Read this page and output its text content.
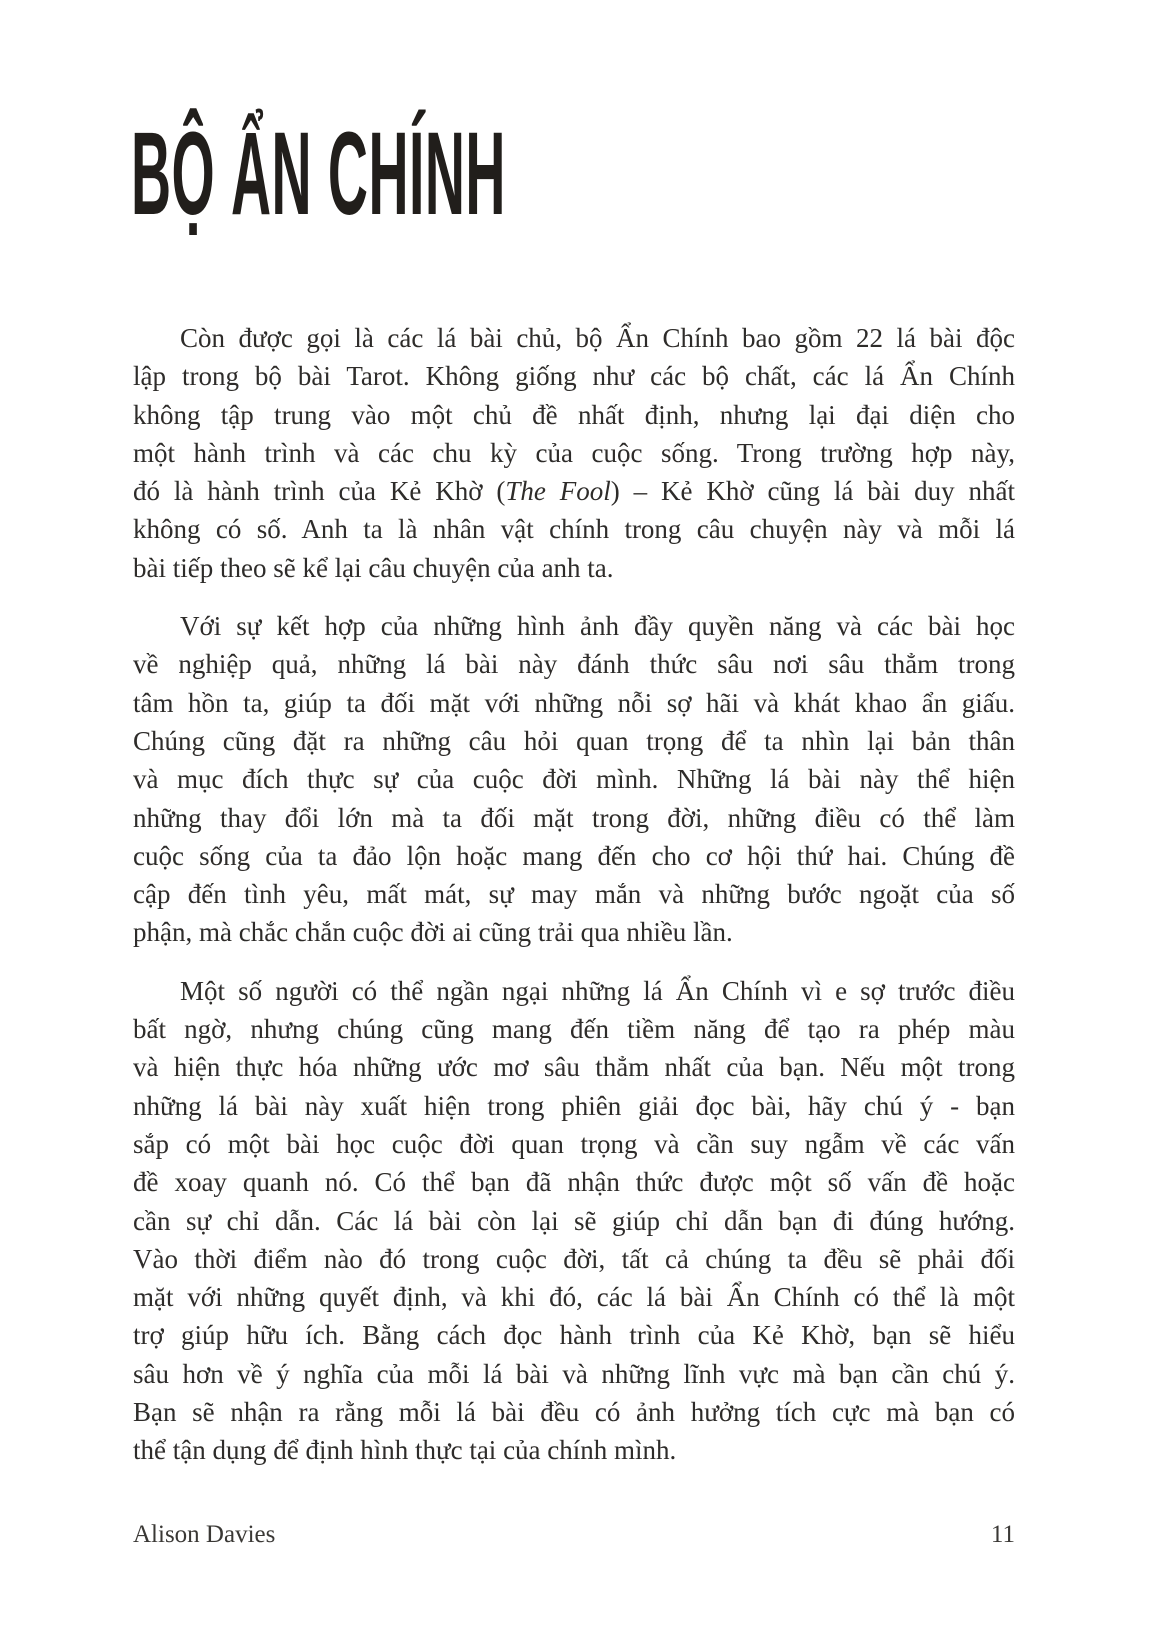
BỘ ẨN CHÍNH
Còn được gọi là các lá bài chủ, bộ Ẩn Chính bao gồm 22 lá bài độc
lập trong bộ bài Tarot. Không giống như các bộ chất, các lá Ẩn Chính
không tập trung vào một chủ đề nhất định, nhưng lại đại diện cho
một hành trình và các chu kỳ của cuộc sống. Trong trường hợp này,
đó là hành trình của Kẻ Khờ (The Fool) – Kẻ Khờ cũng lá bài duy nhất
không có số. Anh ta là nhân vật chính trong câu chuyện này và mỗi lá
bài tiếp theo sẽ kể lại câu chuyện của anh ta.
Với sự kết hợp của những hình ảnh đầy quyền năng và các bài học
về nghiệp quả, những lá bài này đánh thức sâu nơi sâu thẳm trong
tâm hồn ta, giúp ta đối mặt với những nỗi sợ hãi và khát khao ẩn giấu.
Chúng cũng đặt ra những câu hỏi quan trọng để ta nhìn lại bản thân
và mục đích thực sự của cuộc đời mình. Những lá bài này thể hiện
những thay đổi lớn mà ta đối mặt trong đời, những điều có thể làm
cuộc sống của ta đảo lộn hoặc mang đến cho cơ hội thứ hai. Chúng đề
cập đến tình yêu, mất mát, sự may mắn và những bước ngoặt của số
phận, mà chắc chắn cuộc đời ai cũng trải qua nhiều lần.
Một số người có thể ngần ngại những lá Ẩn Chính vì e sợ trước điều
bất ngờ, nhưng chúng cũng mang đến tiềm năng để tạo ra phép màu
và hiện thực hóa những ước mơ sâu thẳm nhất của bạn. Nếu một trong
những lá bài này xuất hiện trong phiên giải đọc bài, hãy chú ý - bạn
sắp có một bài học cuộc đời quan trọng và cần suy ngẫm về các vấn
đề xoay quanh nó. Có thể bạn đã nhận thức được một số vấn đề hoặc
cần sự chỉ dẫn. Các lá bài còn lại sẽ giúp chỉ dẫn bạn đi đúng hướng.
Vào thời điểm nào đó trong cuộc đời, tất cả chúng ta đều sẽ phải đối
mặt với những quyết định, và khi đó, các lá bài Ẩn Chính có thể là một
trợ giúp hữu ích. Bằng cách đọc hành trình của Kẻ Khờ, bạn sẽ hiểu
sâu hơn về ý nghĩa của mỗi lá bài và những lĩnh vực mà bạn cần chú ý.
Bạn sẽ nhận ra rằng mỗi lá bài đều có ảnh hưởng tích cực mà bạn có
thể tận dụng để định hình thực tại của chính mình.
Alison Davies	11
